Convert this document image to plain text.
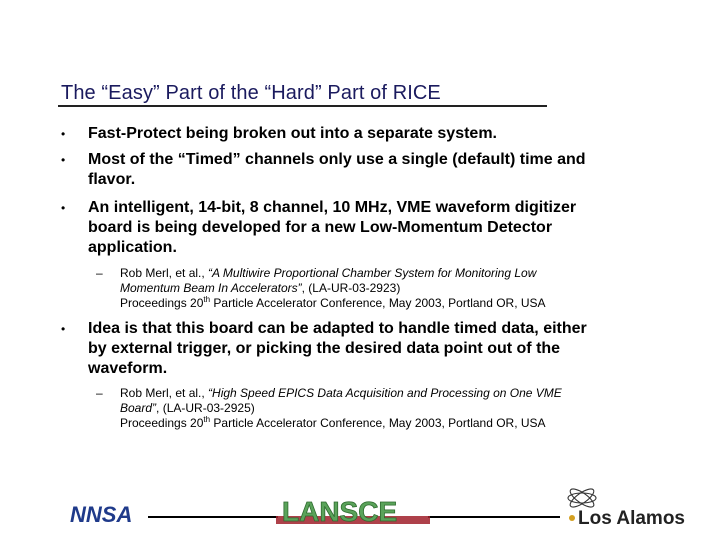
The “Easy” Part of the “Hard” Part of RICE
• Fast-Protect being broken out into a separate system.
• Most of the “Timed” channels only use a single (default) time and
flavor.
• An intelligent, 14-bit, 8 channel, 10 MHz, VME waveform digitizer
board is being developed for a new Low-Momentum Detector
application.
– Rob Merl, et al., “A Multiwire Proportional Chamber System for Monitoring Low
Momentum Beam In Accelerators”, (LA-UR-03-2923)
Proceedings 20th Particle Accelerator Conference, May 2003, Portland OR, USA
• Idea is that this board can be adapted to handle timed data, either
by external trigger, or picking the desired data point out of the
waveform.
– Rob Merl, et al., “High Speed EPICS Data Acquisition and Processing on One VME
Board”, (LA-UR-03-2925)
Proceedings 20th Particle Accelerator Conference, May 2003, Portland OR, USA
NNSA	LANSCE	Los Alamos
